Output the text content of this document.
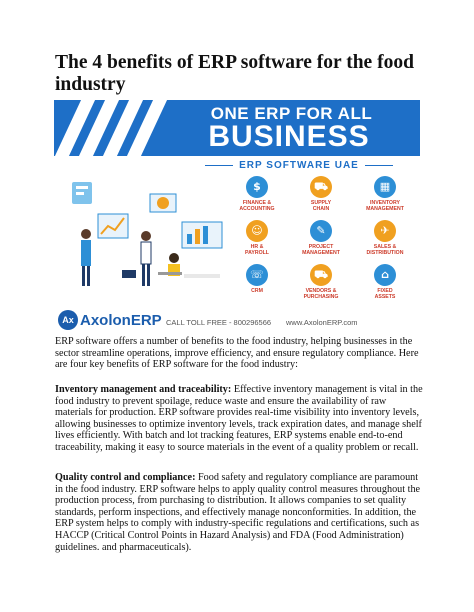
The 4 benefits of ERP software for the food industry
ONE ERP FOR ALL
BUSINESS
ERP SOFTWARE UAE
$
FINANCE &
ACCOUNTING
⛟
SUPPLY
CHAIN
▦
INVENTORY
MANAGEMENT
☺
HR &
PAYROLL
✎
PROJECT
MANAGEMENT
✈
SALES &
DISTRIBUTION
☏
CRM
⛟
VENDORS &
PURCHASING
⌂
FIXED
ASSETS
Ax AxolonERP CALL TOLL FREE - 800296566 www.AxolonERP.com

ERP software offers a number of benefits to the food industry, helping businesses in the sector streamline operations, improve efficiency, and ensure regulatory compliance. Here are four key benefits of ERP software for the food industry:

Inventory management and traceability: Effective inventory management is vital in the food industry to prevent spoilage, reduce waste and ensure the availability of raw materials for production. ERP software provides real-time visibility into inventory levels, allowing businesses to optimize inventory levels, track expiration dates, and manage shelf lives efficiently. With batch and lot tracking features, ERP systems enable end-to-end traceability, making it easy to source materials in the event of a quality problem or recall.

Quality control and compliance: Food safety and regulatory compliance are paramount in the food industry. ERP software helps to apply quality control measures throughout the production process, from purchasing to distribution. It allows companies to set quality standards, perform inspections, and effectively manage nonconformities. In addition, the ERP system helps to comply with industry-specific regulations and certifications, such as HACCP (Critical Control Points in Hazard Analysis) and FDA (Food Administration) guidelines. and pharmaceuticals).
